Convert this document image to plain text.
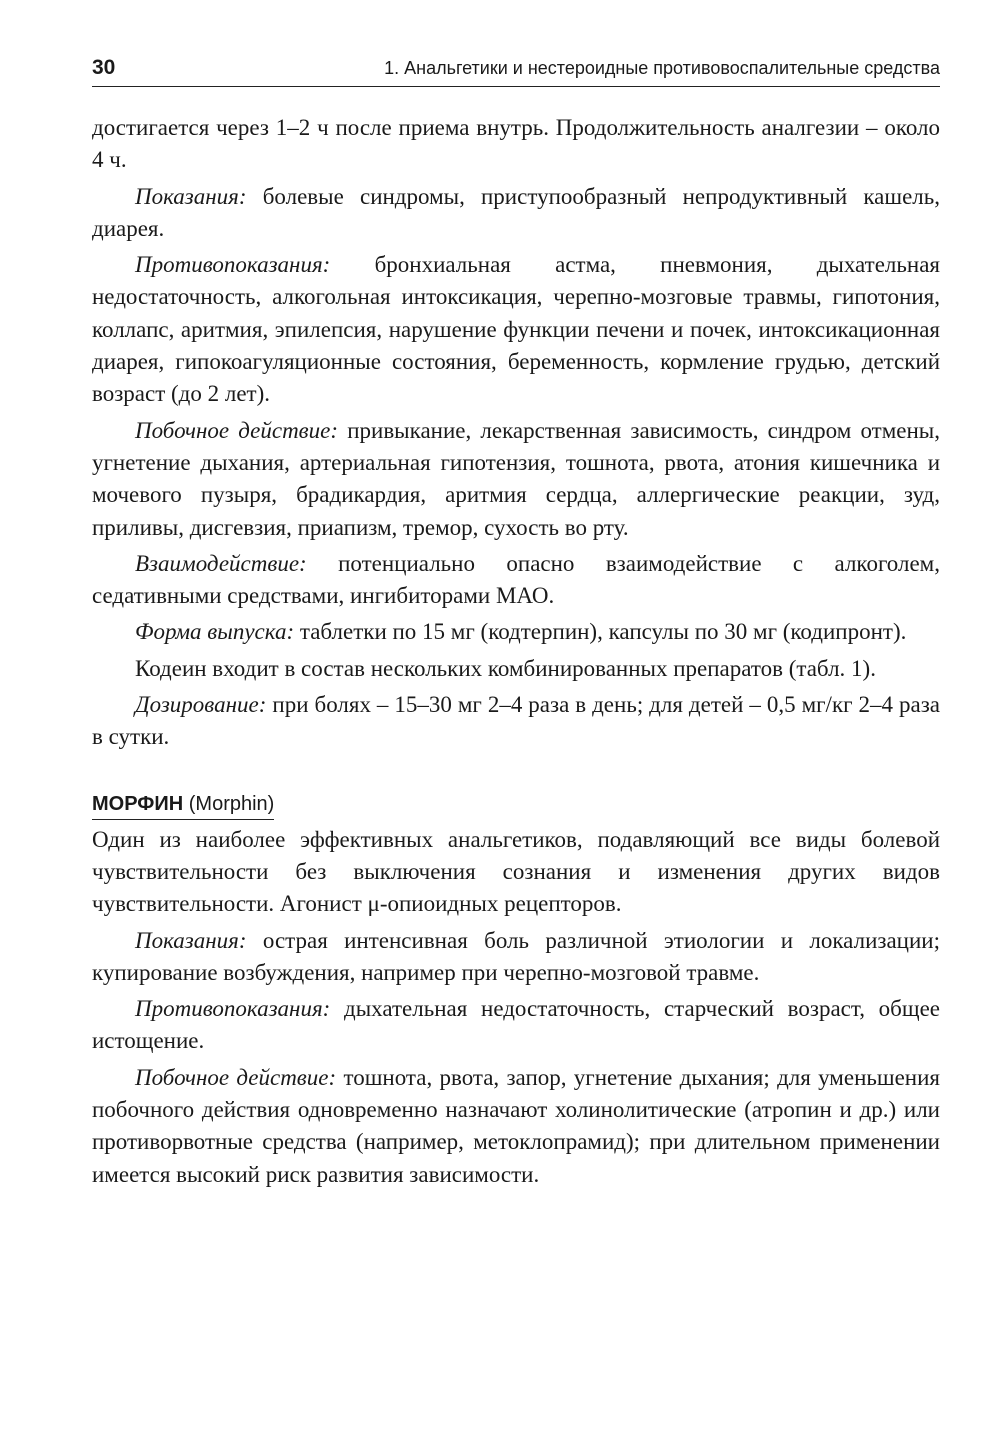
30	1. Анальгетики и нестероидные противовоспалительные средства

достигается через 1–2 ч после приема внутрь. Продолжительность аналгезии – около 4 ч.

Показания: болевые синдромы, приступообразный непродуктивный кашель, диарея.

Противопоказания: бронхиальная астма, пневмония, дыхательная недостаточность, алкогольная интоксикация, черепно-мозговые травмы, гипотония, коллапс, аритмия, эпилепсия, нарушение функции печени и почек, интоксикационная диарея, гипокоагуляционные состояния, беременность, кормление грудью, детский возраст (до 2 лет).

Побочное действие: привыкание, лекарственная зависимость, синдром отмены, угнетение дыхания, артериальная гипотензия, тошнота, рвота, атония кишечника и мочевого пузыря, брадикардия, аритмия сердца, аллергические реакции, зуд, приливы, дисгевзия, приапизм, тремор, сухость во рту.

Взаимодействие: потенциально опасно взаимодействие с алкоголем, седативными средствами, ингибиторами МАО.

Форма выпуска: таблетки по 15 мг (кодтерпин), капсулы по 30 мг (кодипронт).

Кодеин входит в состав нескольких комбинированных препаратов (табл. 1).

Дозирование: при болях – 15–30 мг 2–4 раза в день; для детей – 0,5 мг/кг 2–4 раза в сутки.

МОРФИН (Morphin)

Один из наиболее эффективных анальгетиков, подавляющий все виды болевой чувствительности без выключения сознания и изменения других видов чувствительности. Агонист μ-опиоидных рецепторов.

Показания: острая интенсивная боль различной этиологии и локализации; купирование возбуждения, например при черепно-мозговой травме.

Противопоказания: дыхательная недостаточность, старческий возраст, общее истощение.

Побочное действие: тошнота, рвота, запор, угнетение дыхания; для уменьшения побочного действия одновременно назначают холинолитические (атропин и др.) или противорвотные средства (например, метоклопрамид); при длительном применении имеется высокий риск развития зависимости.
